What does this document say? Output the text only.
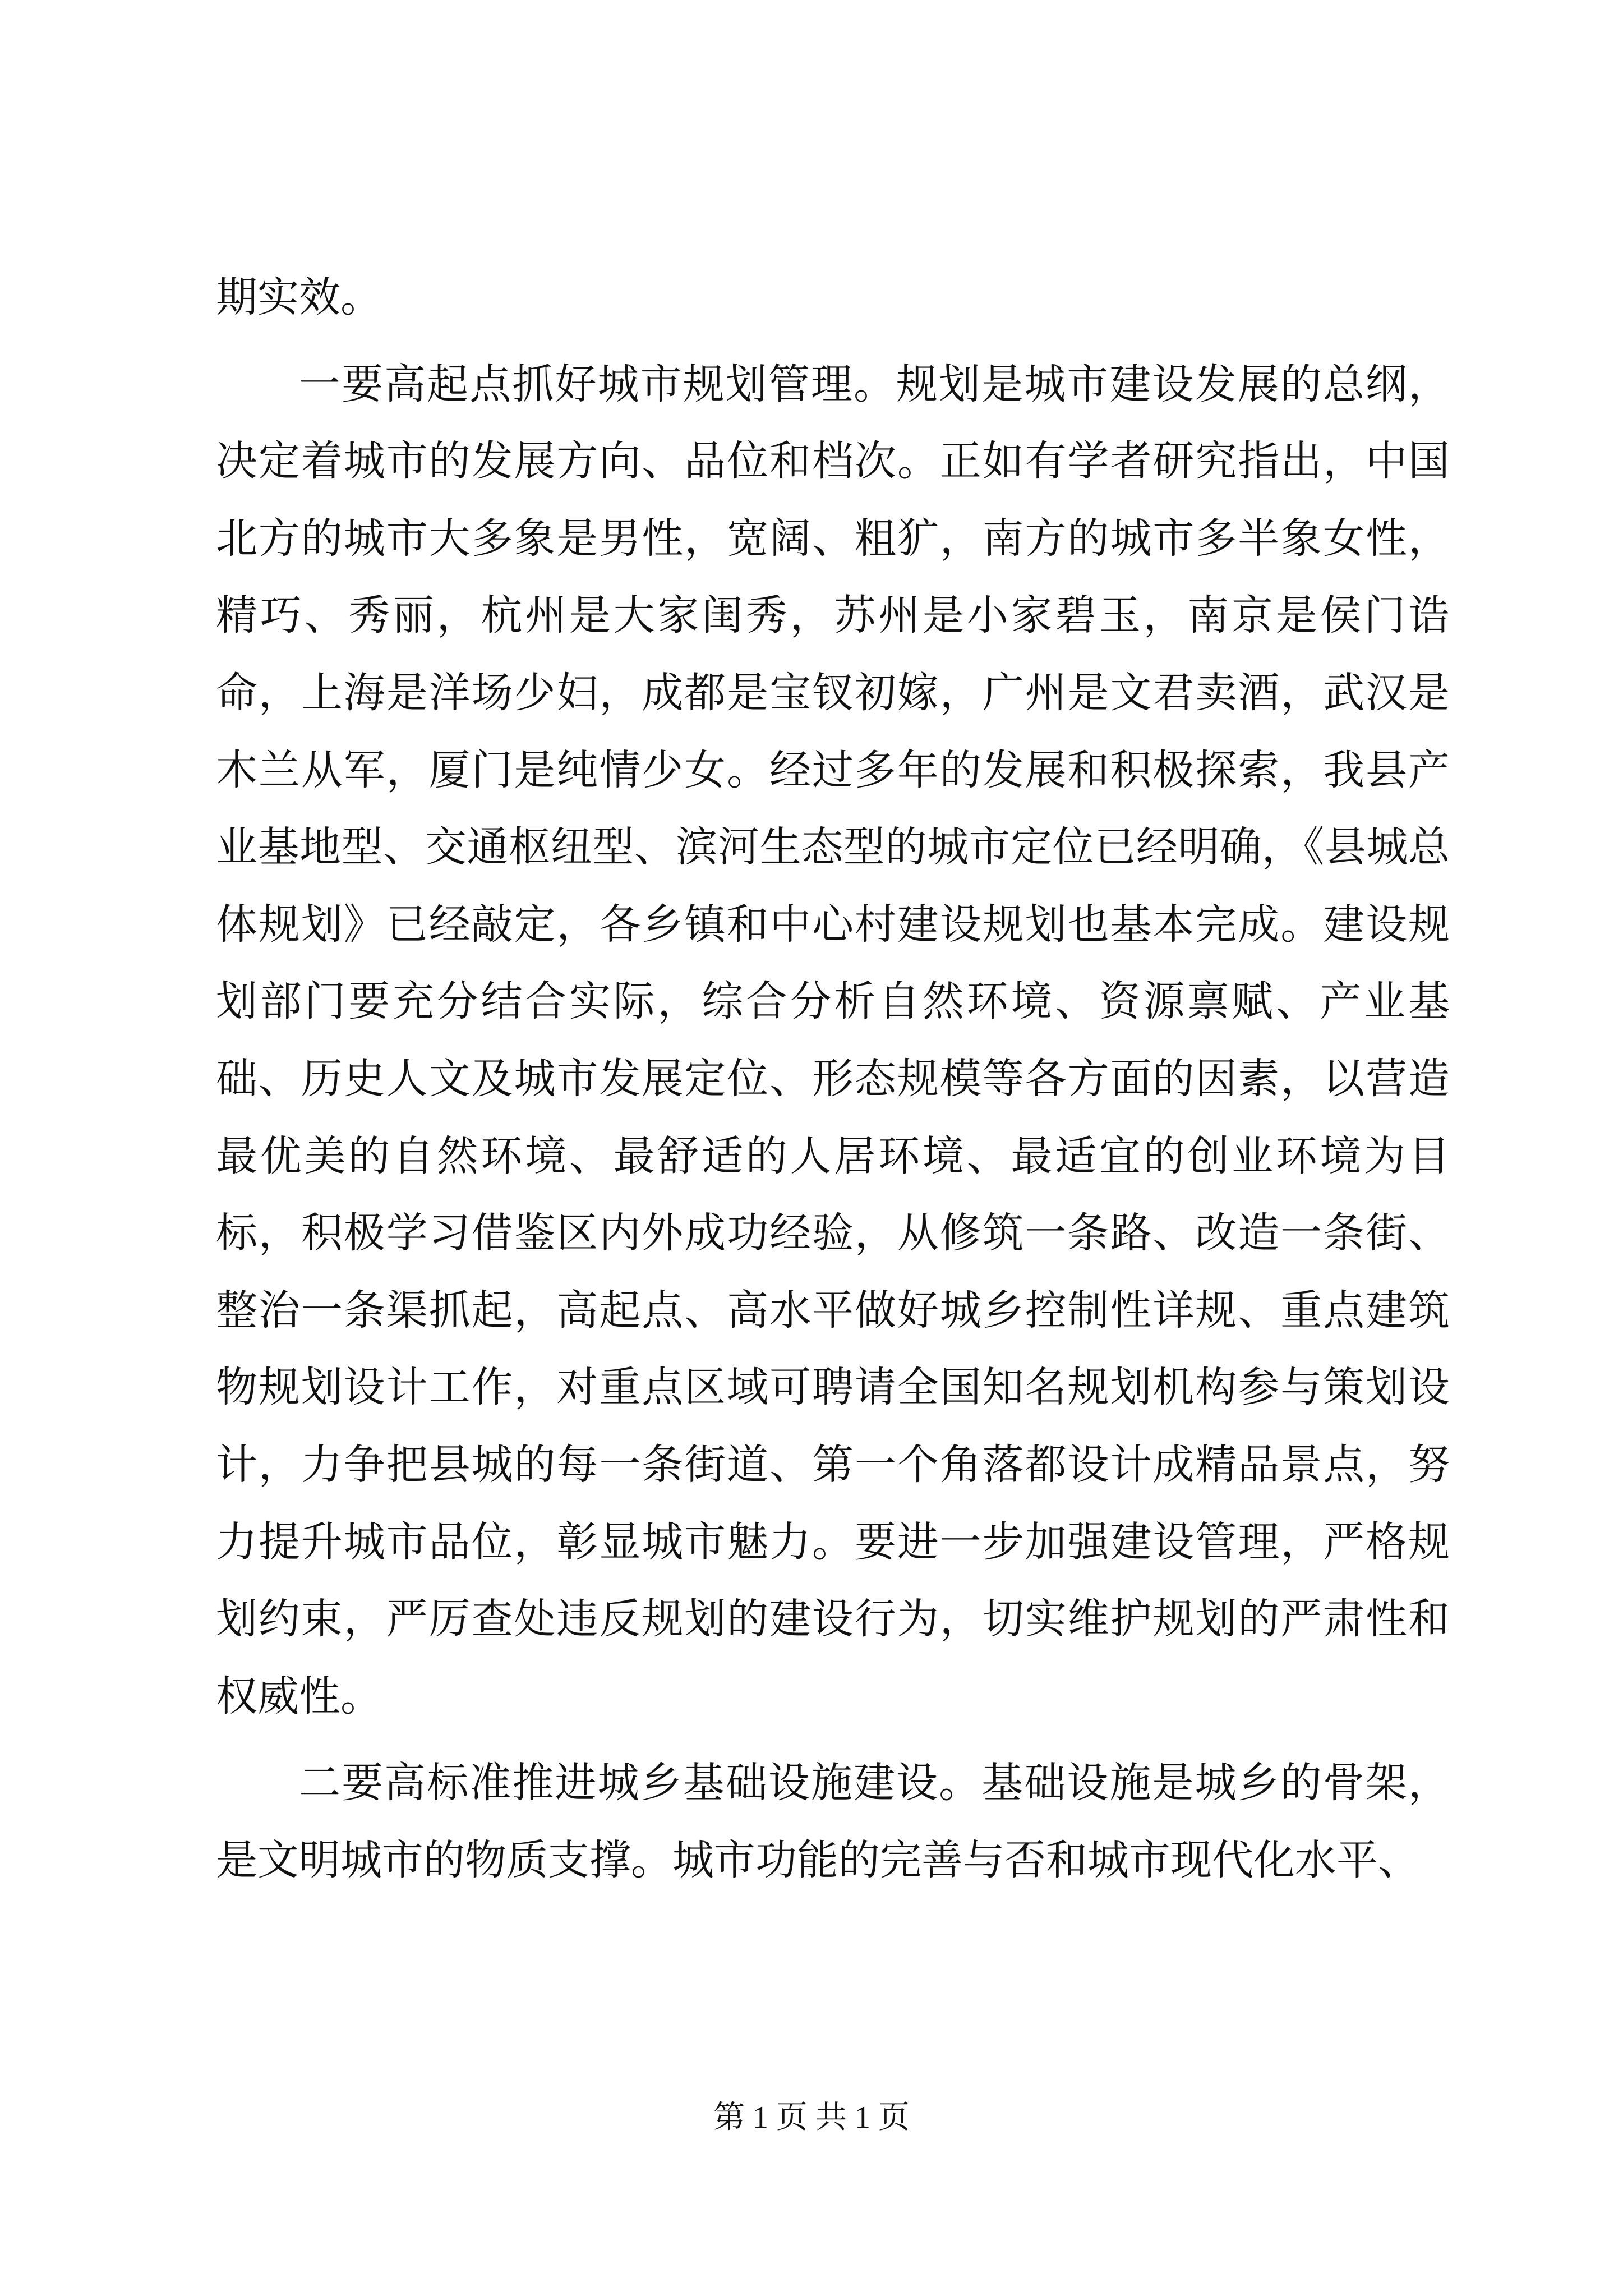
期实效。

一要高起点抓好城市规划管理。规划是城市建设发展的总纲，决定着城市的发展方向、品位和档次。正如有学者研究指出，中国北方的城市大多象是男性，宽阔、粗犷，南方的城市多半象女性，精巧、秀丽，杭州是大家闺秀，苏州是小家碧玉，南京是侯门诰命，上海是洋场少妇，成都是宝钗初嫁，广州是文君卖酒，武汉是木兰从军，厦门是纯情少女。经过多年的发展和积极探索，我县产业基地型、交通枢纽型、滨河生态型的城市定位已经明确，《县城总体规划》已经敲定，各乡镇和中心村建设规划也基本完成。建设规划部门要充分结合实际，综合分析自然环境、资源禀赋、产业基础、历史人文及城市发展定位、形态规模等各方面的因素，以营造最优美的自然环境、最舒适的人居环境、最适宜的创业环境为目标，积极学习借鉴区内外成功经验，从修筑一条路、改造一条街、整治一条渠抓起，高起点、高水平做好城乡控制性详规、重点建筑物规划设计工作，对重点区域可聘请全国知名规划机构参与策划设计，力争把县城的每一条街道、第一个角落都设计成精品景点，努力提升城市品位，彰显城市魅力。要进一步加强建设管理，严格规划约束，严厉查处违反规划的建设行为，切实维护规划的严肃性和权威性。

二要高标准推进城乡基础设施建设。基础设施是城乡的骨架，是文明城市的物质支撑。城市功能的完善与否和城市现代化水平、

第 1 页 共 1 页
